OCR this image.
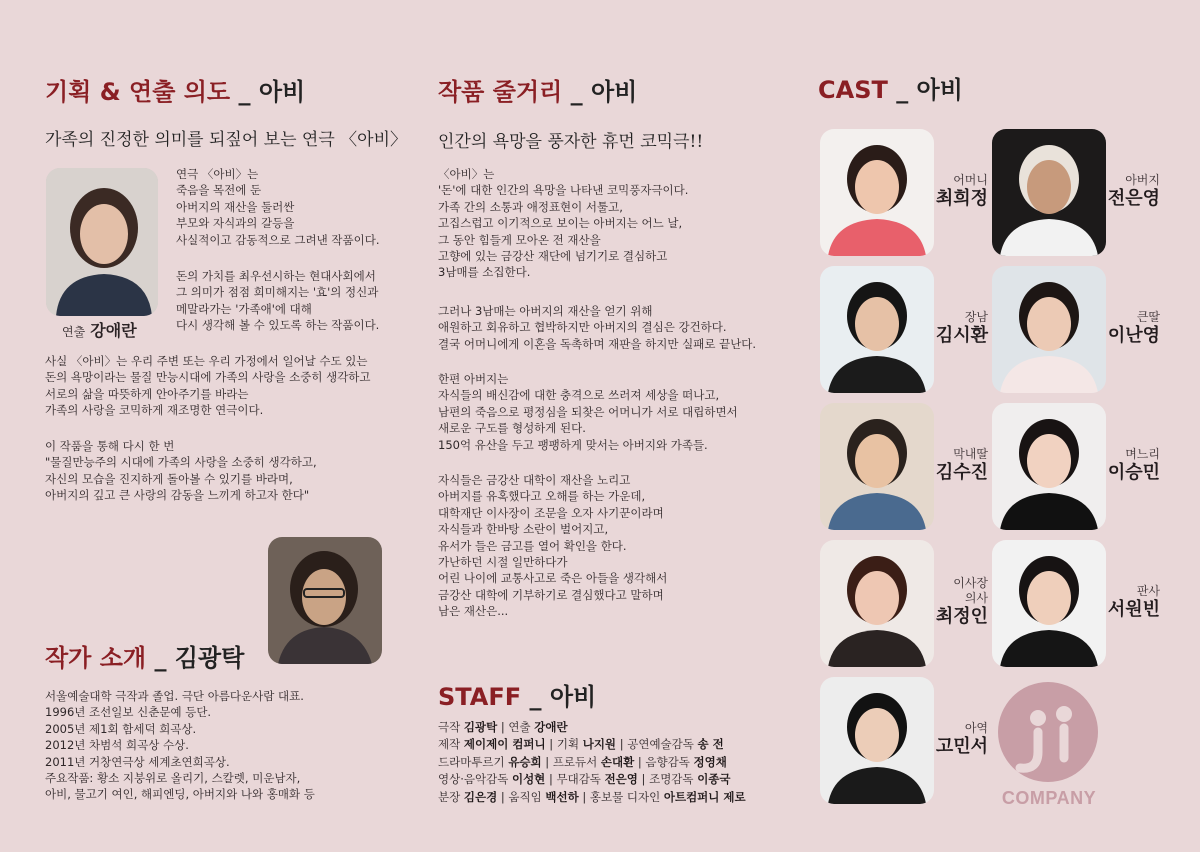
기획 & 연출 의도 _ 아비
가족의 진정한 의미를 되짚어 보는 연극 〈아비〉
연극 〈아비〉는
죽음을 목전에 둔
아버지의 재산을 둘러싼
부모와 자식과의 갈등을
사실적이고 감동적으로 그려낸 작품이다.
돈의 가치를 최우선시하는 현대사회에서
그 의미가 점점 희미해지는 '효'의 정신과
메말라가는 '가족애'에 대해
다시 생각해 볼 수 있도록 하는 작품이다.
연출 강애란
사실 〈아비〉는 우리 주변 또는 우리 가정에서 일어날 수도 있는
돈의 욕망이라는 물질 만능시대에 가족의 사랑을 소중히 생각하고
서로의 삶을 따뜻하게 안아주기를 바라는
가족의 사랑을 코믹하게 재조명한 연극이다.
이 작품을 통해 다시 한 번
"물질만능주의 시대에 가족의 사랑을 소중히 생각하고,
자신의 모습을 진지하게 돌아볼 수 있기를 바라며,
아버지의 깊고 큰 사랑의 감동을 느끼게 하고자 한다"
작가 소개 _ 김광탁
서울예술대학 극작과 졸업. 극단 아름다운사람 대표.
1996년 조선일보 신춘문예 등단.
2005년 제1회 함세덕 희곡상.
2012년 차범석 희곡상 수상.
2011년 거창연극상 세계초연희곡상.
주요작품: 황소 지붕위로 올리기, 스칼렛, 미운남자,
아비, 물고기 여인, 해피엔딩, 아버지와 나와 홍매화 등
작품 줄거리 _ 아비
인간의 욕망을 풍자한 휴먼 코믹극!!
〈아비〉는
'돈'에 대한 인간의 욕망을 나타낸 코믹풍자극이다.
가족 간의 소통과 애정표현이 서툴고,
고집스럽고 이기적으로 보이는 아버지는 어느 날,
그 동안 힘들게 모아온 전 재산을
고향에 있는 금강산 재단에 넘기기로 결심하고
3남매를 소집한다.
그러나 3남매는 아버지의 재산을 얻기 위해
애원하고 회유하고 협박하지만 아버지의 결심은 강건하다.
결국 어머니에게 이혼을 독촉하며 재판을 하지만 실패로 끝난다.
한편 아버지는
자식들의 배신감에 대한 충격으로 쓰러져 세상을 떠나고,
남편의 죽음으로 평정심을 되찾은 어머니가 서로 대립하면서
새로운 구도를 형성하게 된다.
150억 유산을 두고 팽팽하게 맞서는 아버지와 가족들.
자식들은 금강산 대학이 재산을 노리고
아버지를 유혹했다고 오해를 하는 가운데,
대학재단 이사장이 조문을 오자 사기꾼이라며
자식들과 한바탕 소란이 벌어지고,
유서가 들은 금고를 열어 확인을 한다.
가난하던 시절 일만하다가
어린 나이에 교통사고로 죽은 아들을 생각해서
금강산 대학에 기부하기로 결심했다고 말하며
남은 재산은...
STAFF _ 아비
극작 김광탁 | 연출 강애란
제작 제이제이 컴퍼니 | 기획 나지원 | 공연예술감독 송 전
드라마투르기 유승희 | 프로듀서 손대환 | 음향감독 정영채
영상·음악감독 이성현 | 무대감독 전은영 | 조명감독 이종국
분장 김은경 | 움직임 백선하 | 홍보물 디자인 아트컴퍼니 제로
CAST _ 아비
어머니
최희정
아버지
전은영
장남
김시환
큰딸
이난영
막내딸
김수진
며느리
이승민
이사장
의사
최정인
판사
서원빈
아역
고민서
COMPANY
